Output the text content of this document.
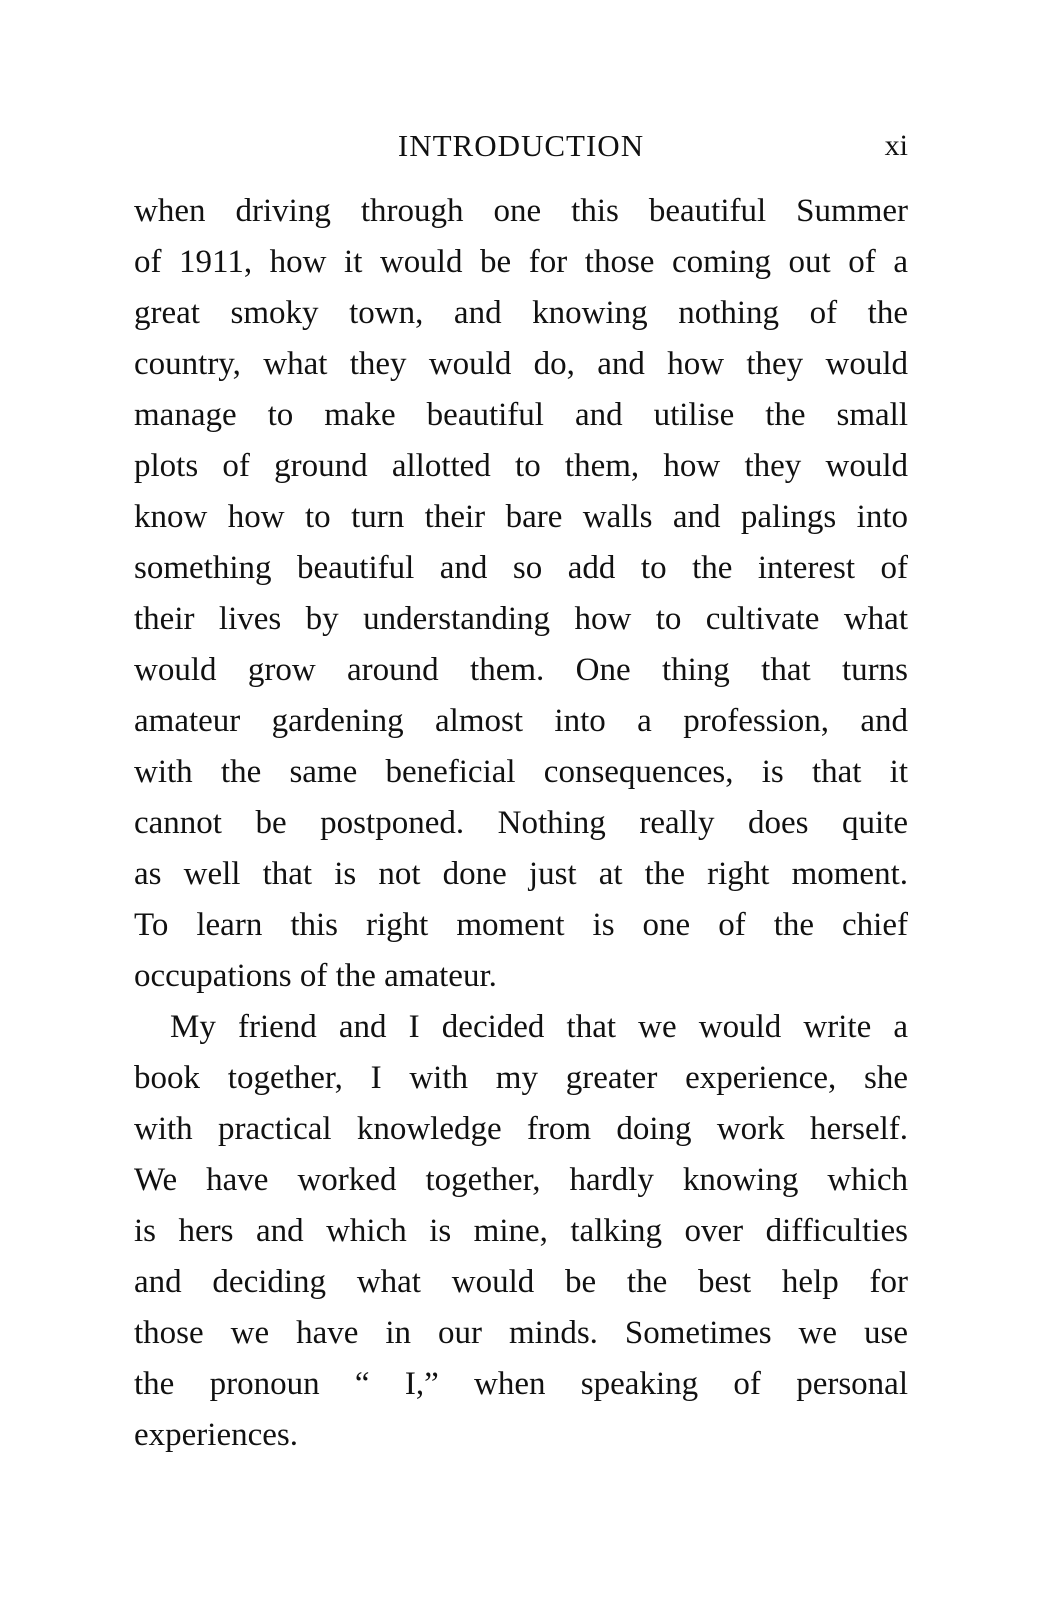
INTRODUCTION	xi
when driving through one this beautiful Summer
of 1911, how it would be for those coming out of a
great smoky town, and knowing nothing of the
country, what they would do, and how they would
manage to make beautiful and utilise the small
plots of ground allotted to them, how they would
know how to turn their bare walls and palings into
something beautiful and so add to the interest of
their lives by understanding how to cultivate what
would grow around them. One thing that turns
amateur gardening almost into a profession, and
with the same beneficial consequences, is that it
cannot be postponed. Nothing really does quite
as well that is not done just at the right moment.
To learn this right moment is one of the chief
occupations of the amateur.
My friend and I decided that we would write a
book together, I with my greater experience, she
with practical knowledge from doing work herself.
We have worked together, hardly knowing which
is hers and which is mine, talking over difficulties
and deciding what would be the best help for
those we have in our minds. Sometimes we use
the pronoun “ I,” when speaking of personal
experiences.
